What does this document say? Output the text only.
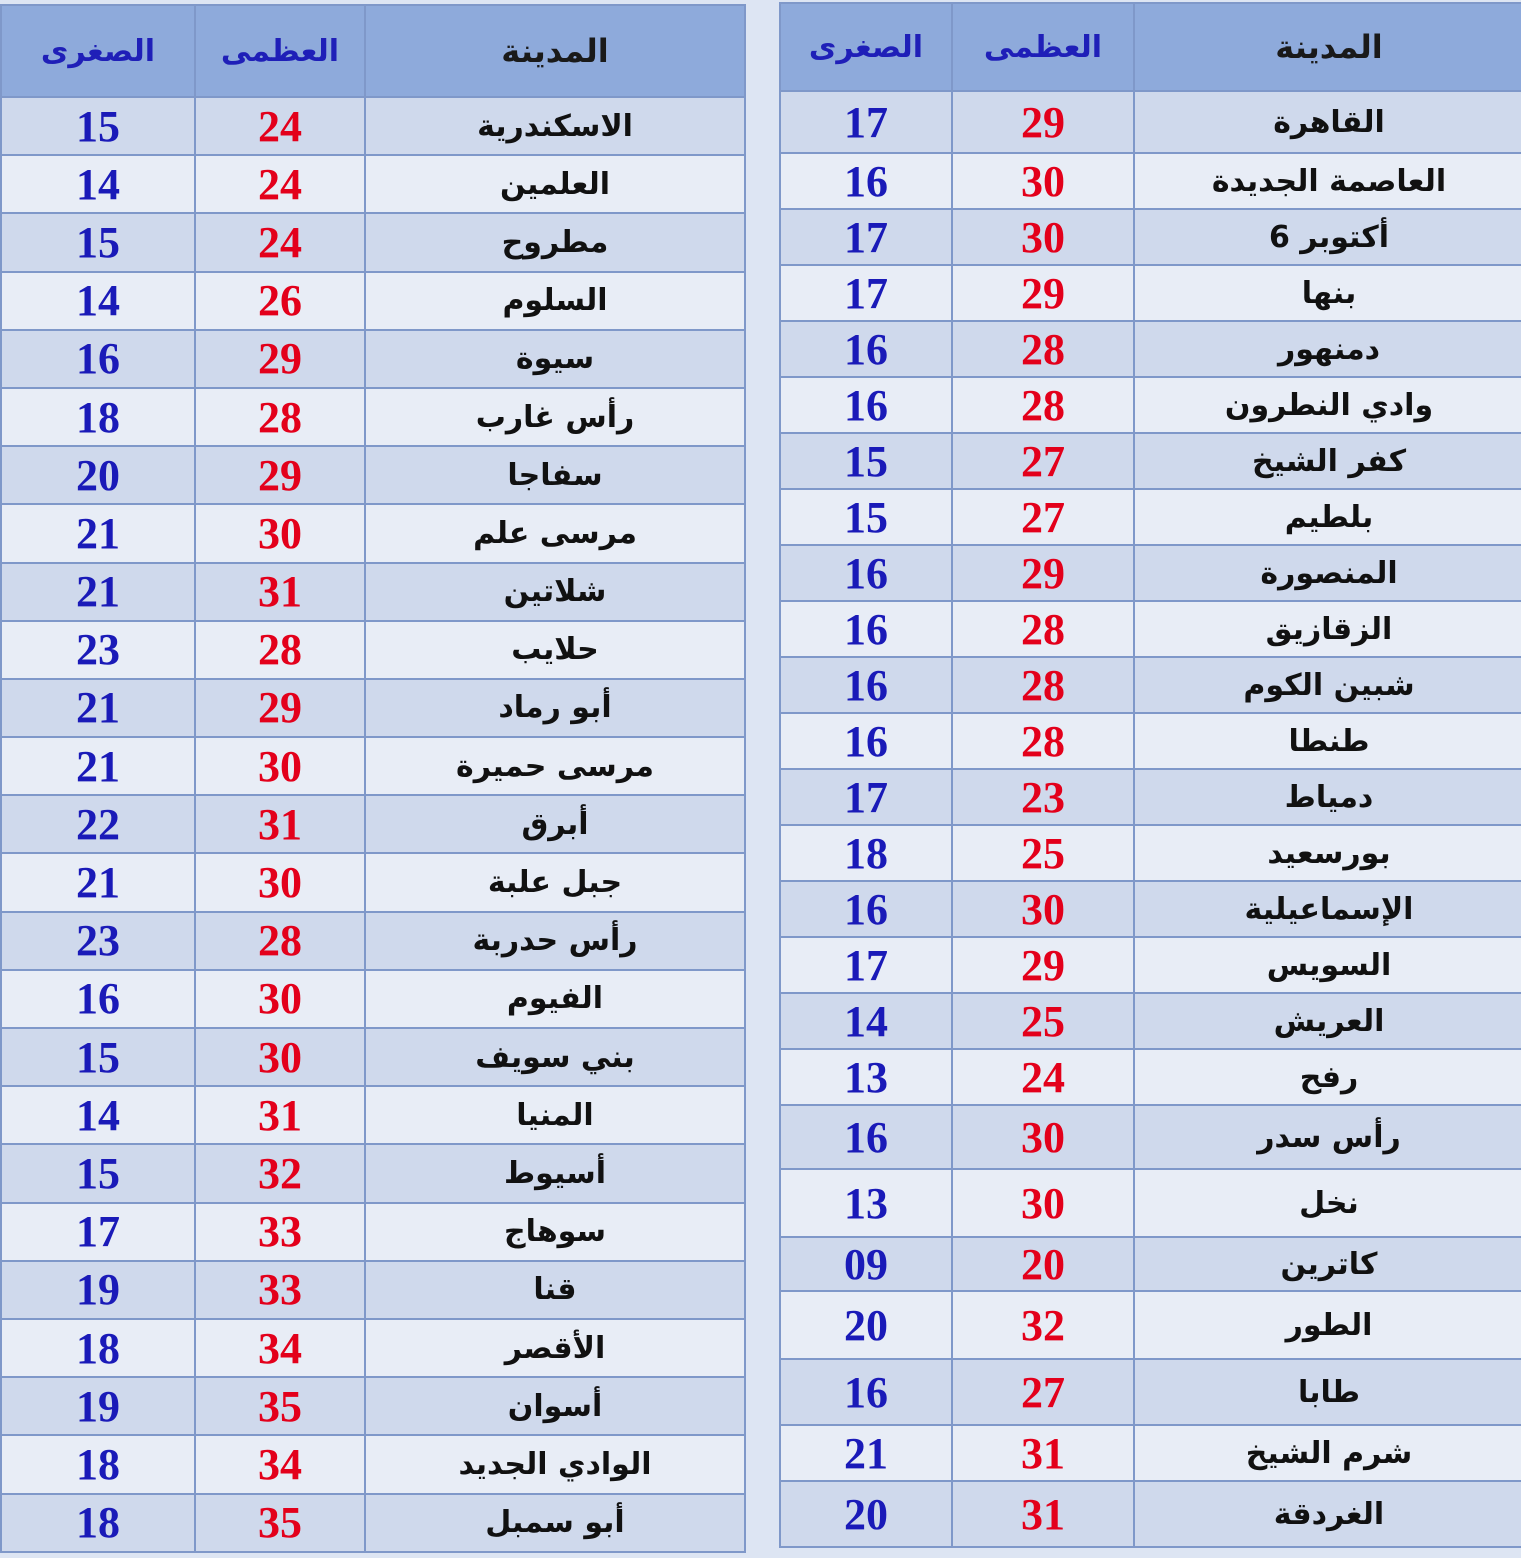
الصغرى	العظمى	المدينة
15	24	الاسكندرية
14	24	العلمين
15	24	مطروح
14	26	السلوم
16	29	سيوة
18	28	رأس غارب
20	29	سفاجا
21	30	مرسى علم
21	31	شلاتين
23	28	حلايب
21	29	أبو رماد
21	30	مرسى حميرة
22	31	أبرق
21	30	جبل علبة
23	28	رأس حدربة
16	30	الفيوم
15	30	بني سويف
14	31	المنيا
15	32	أسيوط
17	33	سوهاج
19	33	قنا
18	34	الأقصر
19	35	أسوان
18	34	الوادي الجديد
18	35	أبو سمبل
الصغرى	العظمى	المدينة
17	29	القاهرة
16	30	العاصمة الجديدة
17	30	6 أكتوبر
17	29	بنها
16	28	دمنهور
16	28	وادي النطرون
15	27	كفر الشيخ
15	27	بلطيم
16	29	المنصورة
16	28	الزقازيق
16	28	شبين الكوم
16	28	طنطا
17	23	دمياط
18	25	بورسعيد
16	30	الإسماعيلية
17	29	السويس
14	25	العريش
13	24	رفح
16	30	رأس سدر
13	30	نخل
09	20	كاترين
20	32	الطور
16	27	طابا
21	31	شرم الشيخ
20	31	الغردقة
